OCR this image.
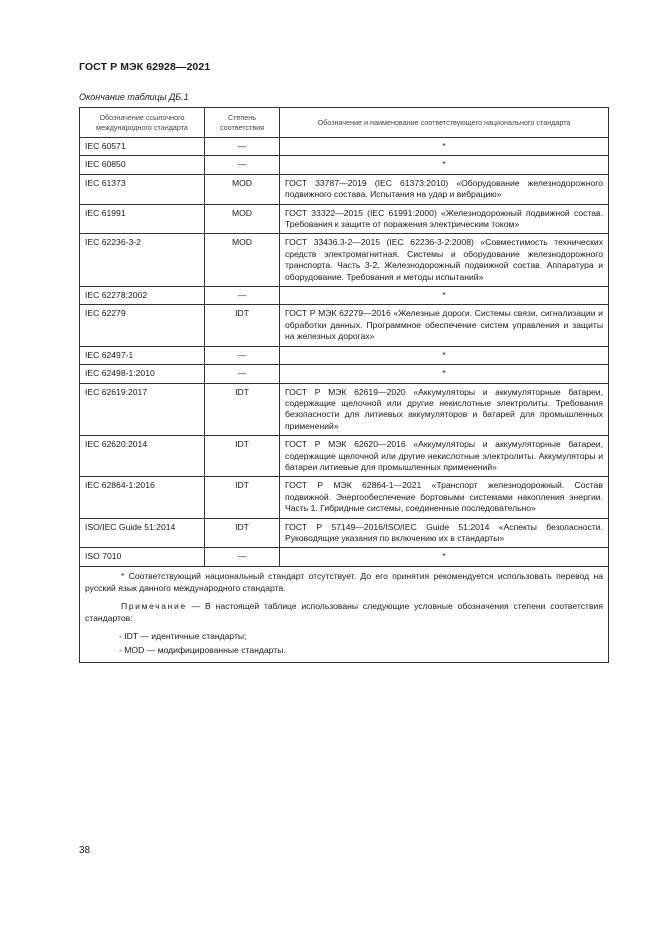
ГОСТ Р МЭК 62928—2021
Окончание таблицы ДБ.1
Обозначение ссылочного международного стандарта	Степень соответствия	Обозначение и наименование соответствующего национального стандарта
IEC 60571	—	*
IEC 60850	—	*
IEC 61373	MOD	ГОСТ 33787—2019 (IEC 61373:2010) «Оборудование железнодорожного подвижного состава. Испытания на удар и вибрацию»
IEC 61991	MOD	ГОСТ 33322—2015 (IEC 61991:2000) «Железнодорожный подвижной состав. Требования к защите от поражения электрическим током»
IEC 62236-3-2	MOD	ГОСТ 33436.3-2—2015 (IEC 62236-3-2:2008) «Совместимость технических средств электромагнитная. Системы и оборудование железнодорожного транспорта. Часть 3-2. Железнодорожный подвижной состав. Аппаратура и оборудование. Требования и методы испытаний»
IEC 62278:2002	—	*
IEC 62279	IDT	ГОСТ Р МЭК 62279—2016 «Железные дороги. Системы связи, сигнализации и обработки данных. Программное обеспечение систем управления и защиты на железных дорогах»
IEC 62497-1	—	*
IEC 62498-1:2010	—	*
IEC 62619:2017	IDT	ГОСТ Р МЭК 62619—2020 «Аккумуляторы и аккумуляторные батареи, содержащие щелочной или другие некислотные электролиты. Требования безопасности для литиевых аккумуляторов и батарей для промышленных применений»
IEC 62620:2014	IDT	ГОСТ Р МЭК 62620—2016 «Аккумуляторы и аккумуляторные батареи, содержащие щелочной или другие некислотные электролиты. Аккумуляторы и батареи литиевые для промышленных применений»
IEC 62864-1:2016	IDT	ГОСТ Р МЭК 62864-1—2021 «Транспорт железнодорожный. Состав подвижной. Энергообеспечение бортовыми системами накопления энергии. Часть 1. Гибридные системы, соединенные последовательно»
ISO/IEC Guide 51:2014	IDT	ГОСТ Р 57149—2016/ISO/IEC Guide 51:2014 «Аспекты безопасности. Руководящие указания по включению их в стандарты»
ISO 7010	—	*

* Соответствующий национальный стандарт отсутствует. До его принятия рекомендуется использовать перевод на русский язык данного международного стандарта.

Примечание — В настоящей таблице использованы следующие условные обозначения степени соответствия стандартов:

- IDT — идентичные стандарты;
- MOD — модифицированные стандарты.		
38
